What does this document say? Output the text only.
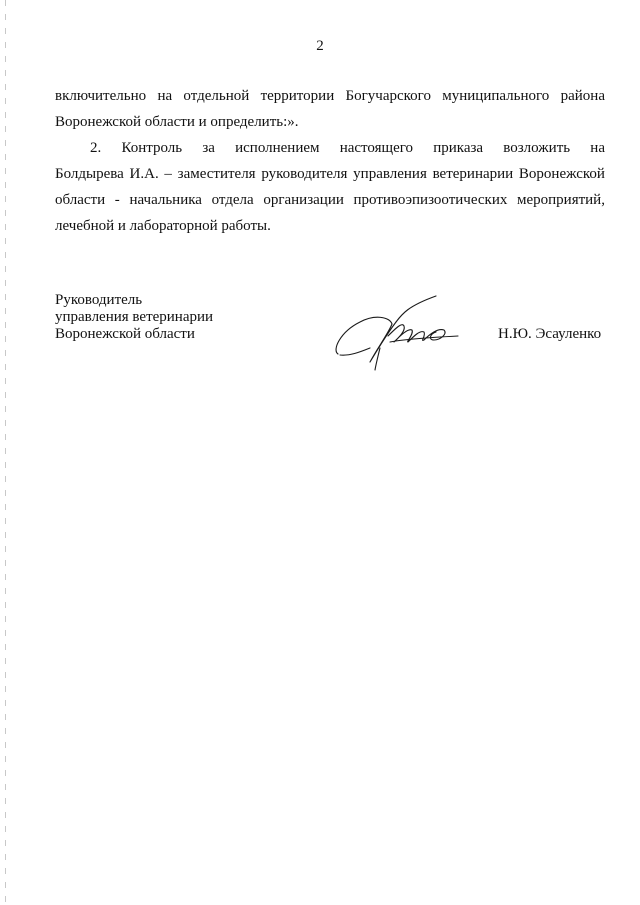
2
включительно на отдельной территории Богучарского муниципального района
Воронежской области и определить:».
2. Контроль за исполнением настоящего приказа возложить на
Болдырева И.А. – заместителя руководителя управления ветеринарии Воронежской
области - начальника отдела организации противоэпизоотических мероприятий,
лечебной и лабораторной работы.
Руководитель
управления ветеринарии
Воронежской области	Н.Ю. Эсауленко
